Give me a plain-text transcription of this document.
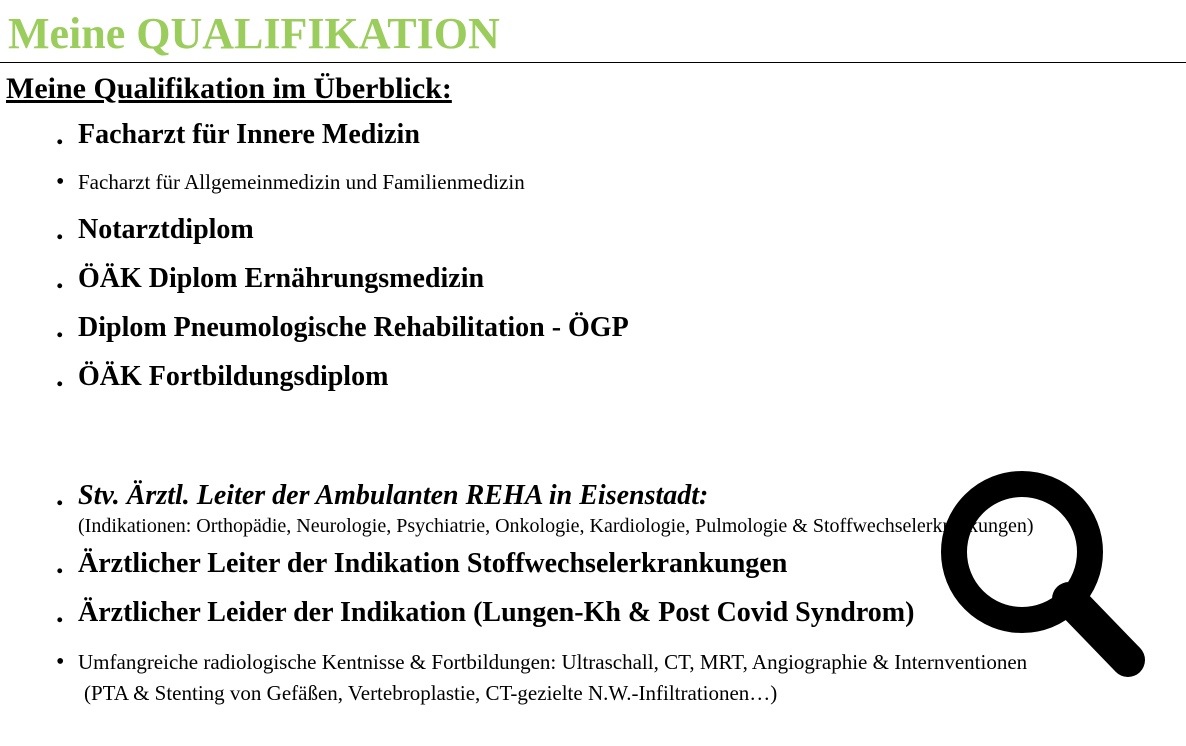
Meine QUALIFIKATION
Meine Qualifikation im Überblick:
. Facharzt für Innere Medizin
• Facharzt für Allgemeinmedizin und Familienmedizin
. Notarztdiplom
. ÖÄK Diplom Ernährungsmedizin
. Diplom Pneumologische Rehabilitation - ÖGP
. ÖÄK Fortbildungsdiplom
. Stv. Ärztl. Leiter der Ambulanten REHA in Eisenstadt:
(Indikationen: Orthopädie, Neurologie, Psychiatrie, Onkologie, Kardiologie, Pulmologie & Stoffwechselerkrankungen)
. Ärztlicher Leiter der Indikation Stoffwechselerkrankungen
. Ärztlicher Leider der Indikation (Lungen-Kh & Post Covid Syndrom)
• Umfangreiche radiologische Kentnisse & Fortbildungen: Ultraschall, CT, MRT, Angiographie & Internventionen
(PTA & Stenting von Gefäßen, Vertebroplastie, CT-gezielte N.W.-Infiltrationen…)
